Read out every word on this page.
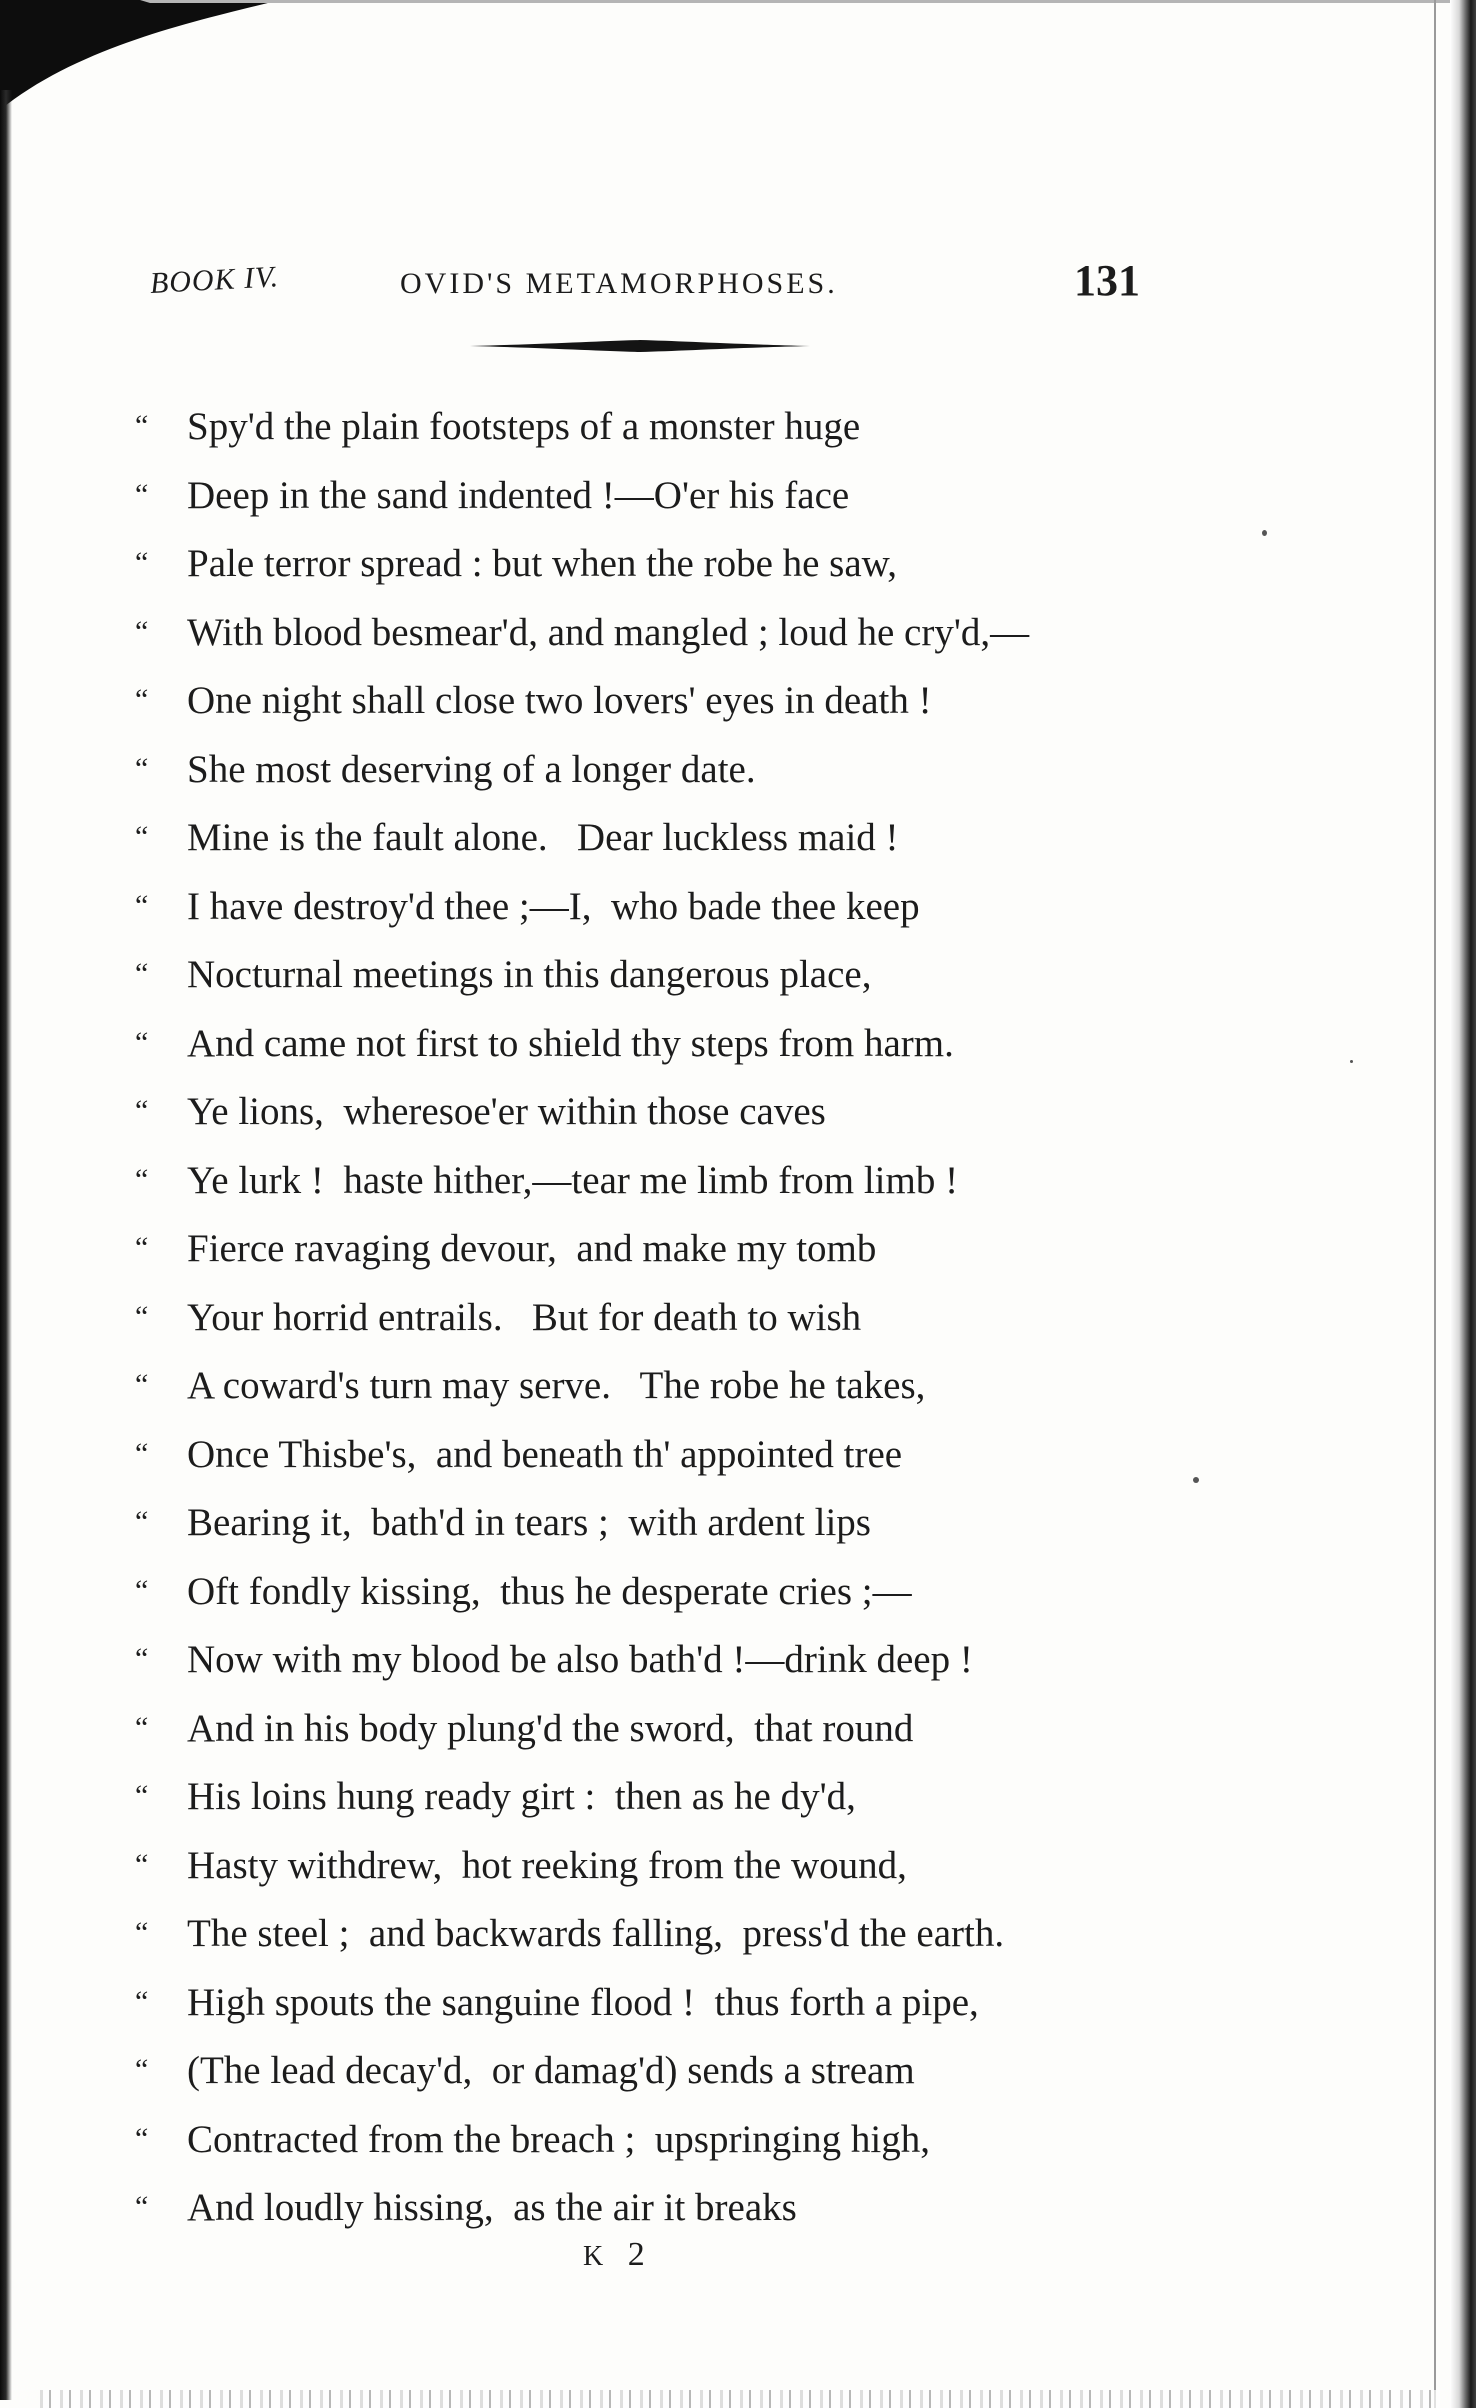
BOOK IV.	OVID'S METAMORPHOSES.	131
“ Spy'd the plain footsteps of a monster huge
“ Deep in the sand indented !—O'er his face
“ Pale terror spread : but when the robe he saw,
“ With blood besmear'd, and mangled ; loud he cry'd,—
“ One night shall close two lovers' eyes in death !
“ She most deserving of a longer date.
“ Mine is the fault alone.   Dear luckless maid !
“ I have destroy'd thee ;—I,  who bade thee keep
“ Nocturnal meetings in this dangerous place,
“ And came not first to shield thy steps from harm.
“ Ye lions,  wheresoe'er within those caves
“ Ye lurk !  haste hither,—tear me limb from limb !
“ Fierce ravaging devour,  and make my tomb
“ Your horrid entrails.   But for death to wish
“ A coward's turn may serve.   The robe he takes,
“ Once Thisbe's,  and beneath th' appointed tree
“ Bearing it,  bath'd in tears ;  with ardent lips
“ Oft fondly kissing,  thus he desperate cries ;—
“ Now with my blood be also bath'd !—drink deep !
“ And in his body plung'd the sword,  that round
“ His loins hung ready girt :  then as he dy'd,
“ Hasty withdrew,  hot reeking from the wound,
“ The steel ;  and backwards falling,  press'd the earth.
“ High spouts the sanguine flood !  thus forth a pipe,
“ (The lead decay'd,  or damag'd) sends a stream
“ Contracted from the breach ;  upspringing high,
“ And loudly hissing,  as the air it breaks
K 2
